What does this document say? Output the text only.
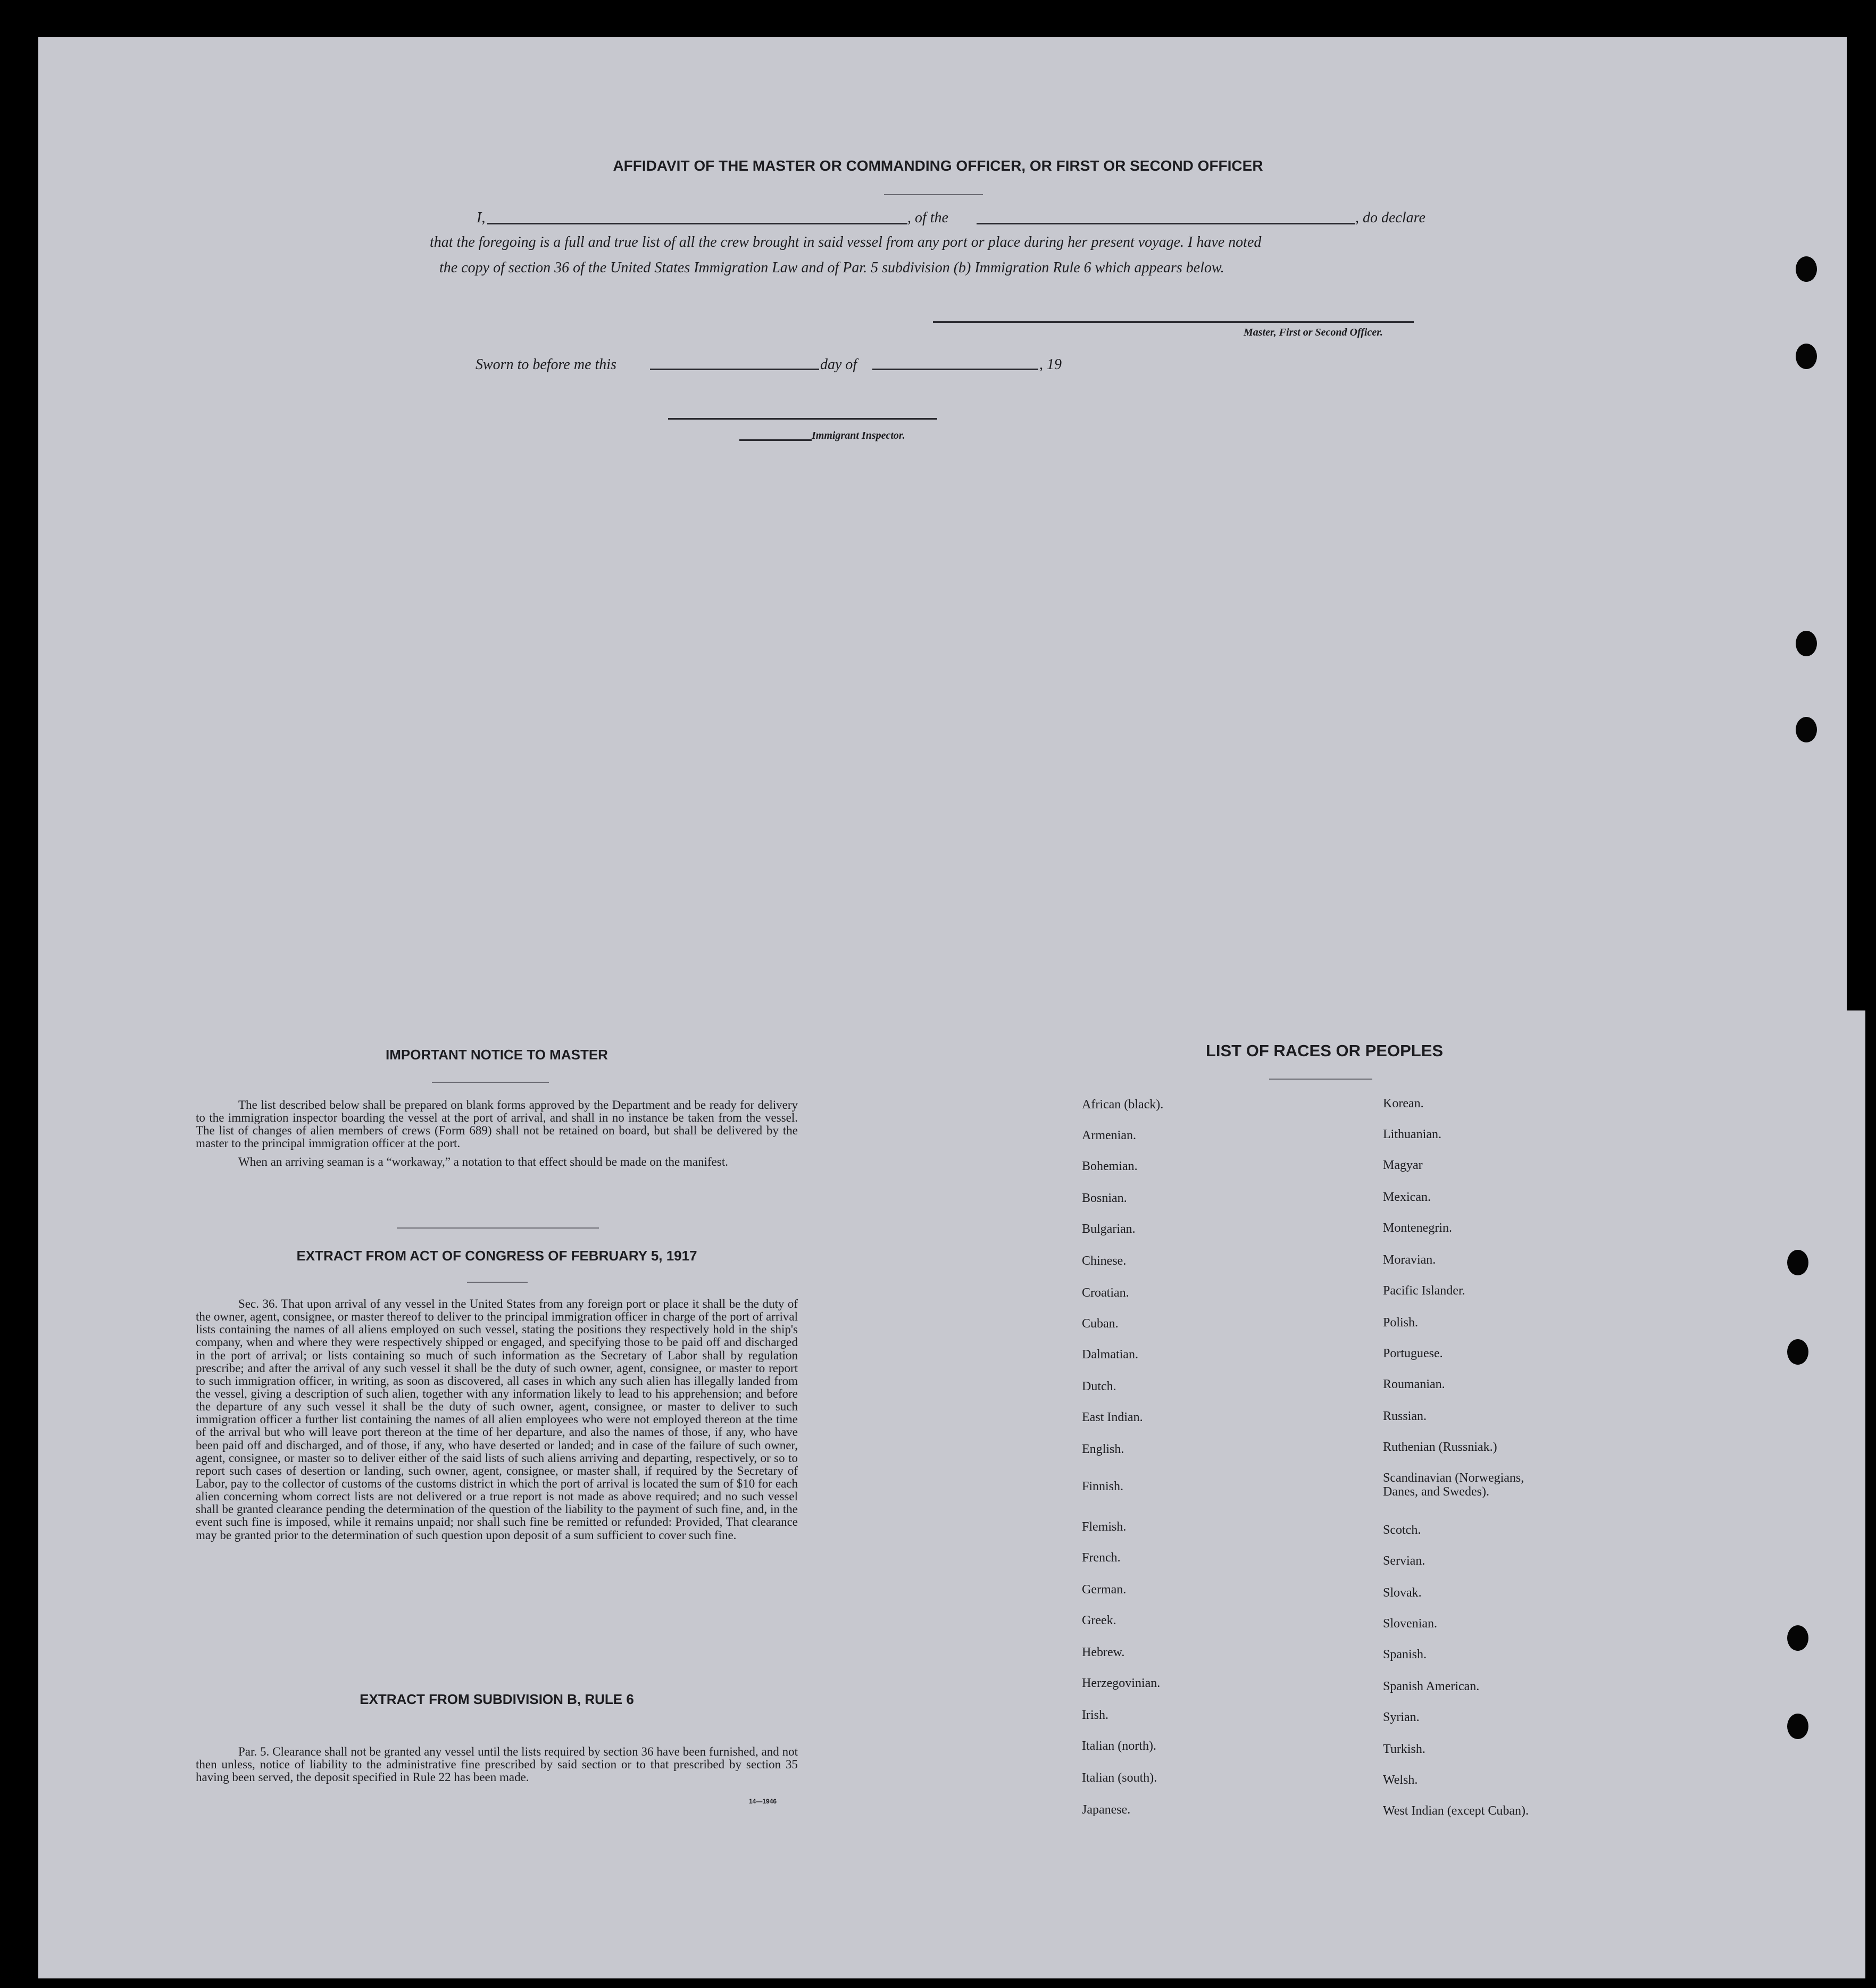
AFFIDAVIT OF THE MASTER OR COMMANDING OFFICER, OR FIRST OR SECOND OFFICER
I,	, of the	, do declare
that the foregoing is a full and true list of all the crew brought in said vessel from any port or place during her present voyage. I have noted
the copy of section 36 of the United States Immigration Law and of Par. 5 subdivision (b) Immigration Rule 6 which appears below.
Master, First or Second Officer.
Sworn to before me this	day of	, 19
Immigrant Inspector.
IMPORTANT NOTICE TO MASTER

The list described below shall be prepared on blank forms approved by the Department and be ready for delivery to the immigration inspector boarding the vessel at the port of arrival, and shall in no instance be taken from the vessel. The list of changes of alien members of crews (Form 689) shall not be retained on board, but shall be delivered by the master to the principal immigration officer at the port.

When an arriving seaman is a “workaway,” a notation to that effect should be made on the manifest.

EXTRACT FROM ACT OF CONGRESS OF FEBRUARY 5, 1917

Sec. 36. That upon arrival of any vessel in the United States from any foreign port or place it shall be the duty of the owner, agent, consignee, or master thereof to deliver to the principal immigration officer in charge of the port of arrival lists containing the names of all aliens employed on such vessel, stating the positions they respectively hold in the ship's company, when and where they were respectively shipped or engaged, and specifying those to be paid off and discharged in the port of arrival; or lists containing so much of such information as the Secretary of Labor shall by regulation prescribe; and after the arrival of any such vessel it shall be the duty of such owner, agent, consignee, or master to report to such immigration officer, in writing, as soon as discovered, all cases in which any such alien has illegally landed from the vessel, giving a description of such alien, together with any information likely to lead to his apprehension; and before the departure of any such vessel it shall be the duty of such owner, agent, consignee, or master to deliver to such immigration officer a further list containing the names of all alien employees who were not employed thereon at the time of the arrival but who will leave port thereon at the time of her departure, and also the names of those, if any, who have been paid off and discharged, and of those, if any, who have deserted or landed; and in case of the failure of such owner, agent, consignee, or master so to deliver either of the said lists of such aliens arriving and departing, respectively, or so to report such cases of desertion or landing, such owner, agent, consignee, or master shall, if required by the Secretary of Labor, pay to the collector of customs of the customs district in which the port of arrival is located the sum of $10 for each alien concerning whom correct lists are not delivered or a true report is not made as above required; and no such vessel shall be granted clearance pending the determination of the question of the liability to the payment of such fine, and, in the event such fine is imposed, while it remains unpaid; nor shall such fine be remitted or refunded: Provided, That clearance may be granted prior to the determination of such question upon deposit of a sum sufficient to cover such fine.

EXTRACT FROM SUBDIVISION B, RULE 6

Par. 5. Clearance shall not be granted any vessel until the lists required by section 36 have been furnished, and not then unless, notice of liability to the administrative fine prescribed by said section or to that prescribed by section 35 having been served, the deposit specified in Rule 22 has been made.

14—1946
LIST OF RACES OR PEOPLES
African (black).
Armenian.
Bohemian.
Bosnian.
Bulgarian.
Chinese.
Croatian.
Cuban.
Dalmatian.
Dutch.
East Indian.
English.
Finnish.
Flemish.
French.
German.
Greek.
Hebrew.
Herzegovinian.
Irish.
Italian (north).
Italian (south).
Japanese.
Korean.
Lithuanian.
Magyar
Mexican.
Montenegrin.
Moravian.
Pacific Islander.
Polish.
Portuguese.
Roumanian.
Russian.
Ruthenian (Russniak.)
Scandinavian (Norwegians,
Danes, and Swedes).
Scotch.
Servian.
Slovak.
Slovenian.
Spanish.
Spanish American.
Syrian.
Turkish.
Welsh.
West Indian (except Cuban).
